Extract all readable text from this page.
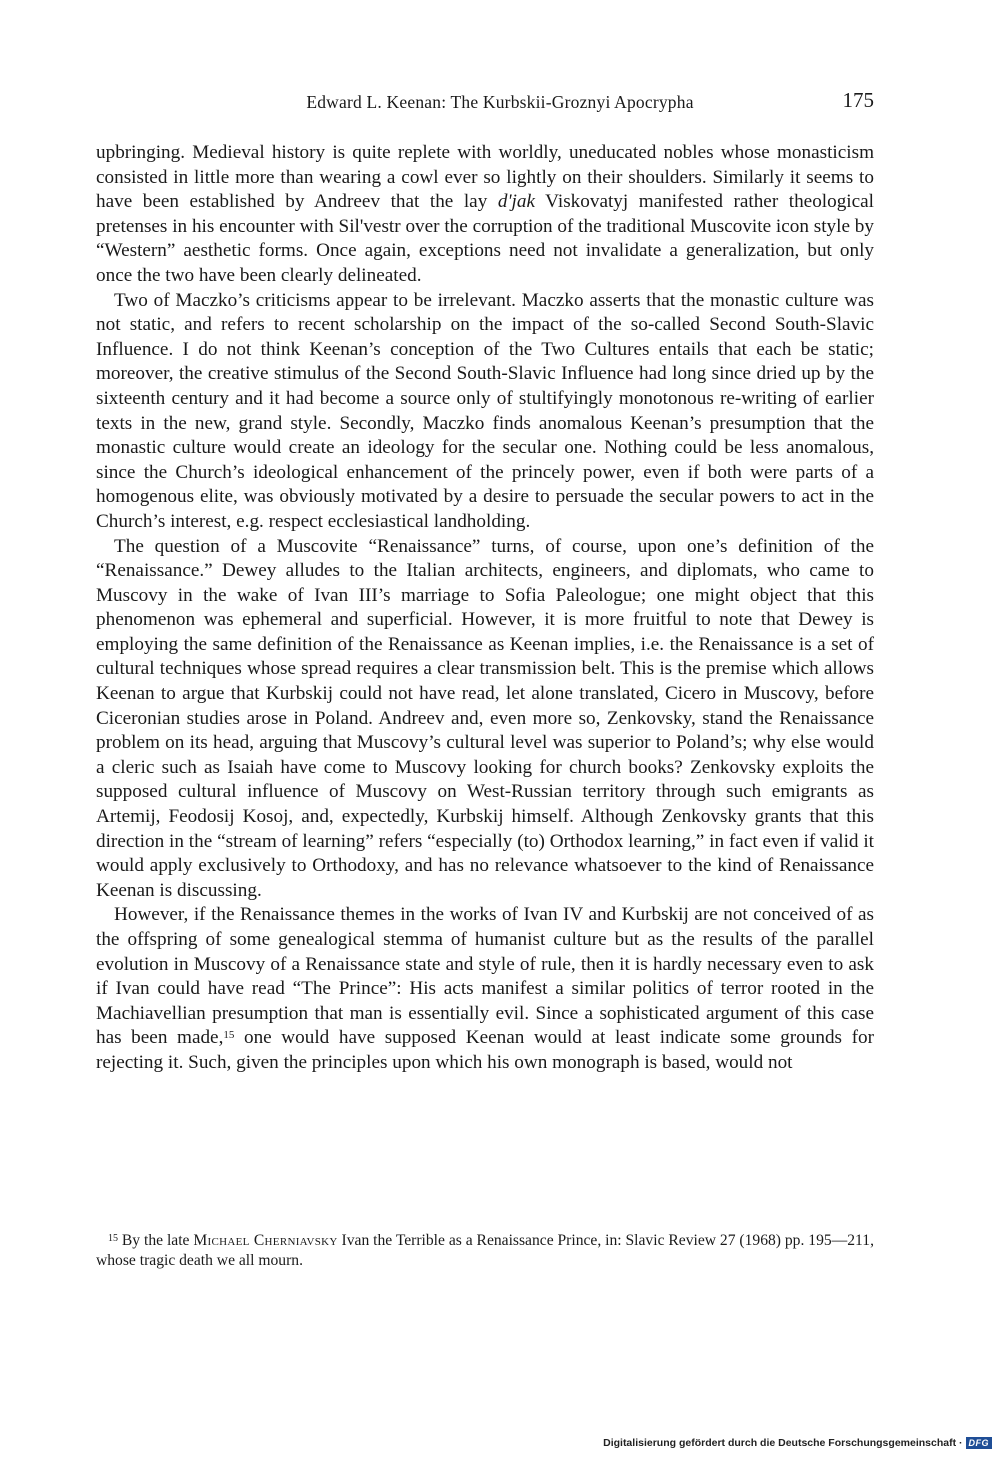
Edward L. Keenan: The Kurbskii-Groznyi Apocrypha	175

upbringing. Medieval history is quite replete with worldly, uneducated nobles whose monasticism consisted in little more than wearing a cowl ever so lightly on their shoulders. Similarly it seems to have been established by Andreev that the lay d'jak Viskovatyj manifested rather theological pretenses in his encounter with Sil'vestr over the corruption of the traditional Muscovite icon style by “Western” aesthetic forms. Once again, exceptions need not invalidate a generalization, but only once the two have been clearly delineated.

Two of Maczko’s criticisms appear to be irrelevant. Maczko asserts that the monastic culture was not static, and refers to recent scholarship on the impact of the so-called Second South-Slavic Influence. I do not think Keenan’s conception of the Two Cultures entails that each be static; moreover, the creative stimulus of the Second South-Slavic Influence had long since dried up by the sixteenth century and it had become a source only of stultifyingly monotonous re-writing of earlier texts in the new, grand style. Secondly, Maczko finds anomalous Keenan’s presumption that the monastic culture would create an ideology for the secular one. Nothing could be less anomalous, since the Church’s ideological enhancement of the princely power, even if both were parts of a homogenous elite, was obviously motivated by a desire to persuade the secular powers to act in the Church’s interest, e.g. respect ecclesiastical landholding.

The question of a Muscovite “Renaissance” turns, of course, upon one’s definition of the “Renaissance.” Dewey alludes to the Italian architects, engineers, and diplomats, who came to Muscovy in the wake of Ivan III’s marriage to Sofia Paleologue; one might object that this phenomenon was ephemeral and superficial. However, it is more fruitful to note that Dewey is employing the same definition of the Renaissance as Keenan implies, i.e. the Renaissance is a set of cultural techniques whose spread requires a clear transmission belt. This is the premise which allows Keenan to argue that Kurbskij could not have read, let alone translated, Cicero in Muscovy, before Ciceronian studies arose in Poland. Andreev and, even more so, Zenkovsky, stand the Renaissance problem on its head, arguing that Muscovy’s cultural level was superior to Poland’s; why else would a cleric such as Isaiah have come to Muscovy looking for church books? Zenkovsky exploits the supposed cultural influence of Muscovy on West-Russian territory through such emigrants as Artemij, Feodosij Kosoj, and, expectedly, Kurbskij himself. Although Zenkovsky grants that this direction in the “stream of learning” refers “especially (to) Orthodox learning,” in fact even if valid it would apply exclusively to Orthodoxy, and has no relevance whatsoever to the kind of Renaissance Keenan is discussing.

However, if the Renaissance themes in the works of Ivan IV and Kurbskij are not conceived of as the offspring of some genealogical stemma of humanist culture but as the results of the parallel evolution in Muscovy of a Renaissance state and style of rule, then it is hardly necessary even to ask if Ivan could have read “The Prince”: His acts manifest a similar politics of terror rooted in the Machiavellian presumption that man is essentially evil. Since a sophisticated argument of this case has been made,$^{15}$ one would have supposed Keenan would at least indicate some grounds for rejecting it. Such, given the principles upon which his own monograph is based, would not

$^{15}$ By the late Michael Cherniavsky Ivan the Terrible as a Renaissance Prince, in: Slavic Review 27 (1968) pp. 195—211, whose tragic death we all mourn.
Digitalisierung gefördert durch die Deutsche Forschungsgemeinschaft · DFG
